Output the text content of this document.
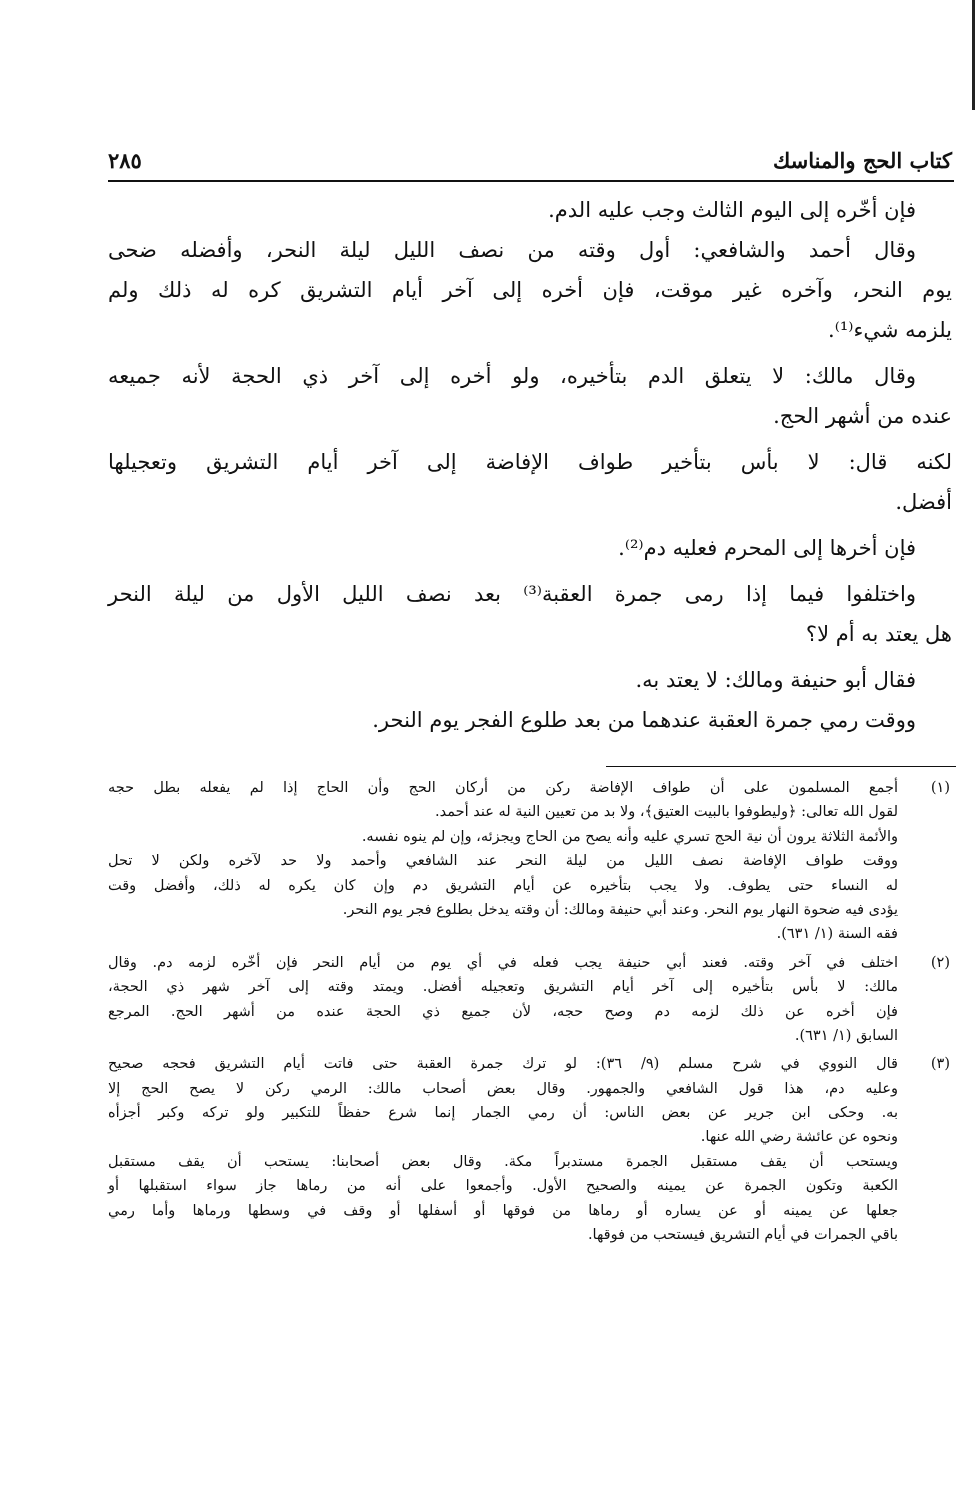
كتاب الحج والمناسك
٢٨٥
فإن أخّره إلى اليوم الثالث وجب عليه الدم.
وقال أحمد والشافعي: أول وقته من نصف الليل ليلة النحر، وأفضله ضحى
يوم النحر، وآخره غير موقت، فإن أخره إلى آخر أيام التشريق كره له ذلك ولم
يلزمه شيء⁽¹⁾.
وقال مالك: لا يتعلق الدم بتأخيره، ولو أخره إلى آخر ذي الحجة لأنه جميعه
عنده من أشهر الحج.
لكنه قال: لا بأس بتأخير طواف الإفاضة إلى آخر أيام التشريق وتعجيلها
أفضل.
فإن أخرها إلى المحرم فعليه دم⁽²⁾.
واختلفوا فيما إذا رمى جمرة العقبة⁽³⁾ بعد نصف الليل الأول من ليلة النحر
هل يعتد به أم لا؟
فقال أبو حنيفة ومالك: لا يعتد به.
ووقت رمي جمرة العقبة عندهما من بعد طلوع الفجر يوم النحر.
(١)
أجمع المسلمون على أن طواف الإفاضة ركن من أركان الحج وأن الحاج إذا لم يفعله بطل حجه
لقول الله تعالى: ﴿وليطوفوا بالبيت العتيق﴾، ولا بد من تعيين النية له عند أحمد.
والأئمة الثلاثة يرون أن نية الحج تسري عليه وأنه يصح من الحاج ويجزئه، وإن لم ينوه نفسه.
ووقت طواف الإفاضة نصف الليل من ليلة النحر عند الشافعي وأحمد ولا حد لآخره ولكن لا تحل
له النساء حتى يطوف. ولا يجب بتأخيره عن أيام التشريق دم وإن كان يكره له ذلك، وأفضل وقت
يؤدى فيه ضحوة النهار يوم النحر. وعند أبي حنيفة ومالك: أن وقته يدخل بطلوع فجر يوم النحر.
فقه السنة (١/ ٦٣١).
(٢)
اختلف في آخر وقته. فعند أبي حنيفة يجب فعله في أي يوم من أيام النحر فإن أخّره لزمه دم. وقال
مالك: لا بأس بتأخيره إلى آخر أيام التشريق وتعجيله أفضل. ويمتد وقته إلى آخر شهر ذي الحجة،
فإن أخره عن ذلك لزمه دم وصح حجه، لأن جميع ذي الحجة عنده من أشهر الحج. المرجع
السابق (١/ ٦٣١).
(٣)
قال النووي في شرح مسلم (٩/ ٣٦): لو ترك جمرة العقبة حتى فاتت أيام التشريق فحجه صحيح
وعليه دم، هذا قول الشافعي والجمهور. وقال بعض أصحاب مالك: الرمي ركن لا يصح الحج إلا
به. وحكى ابن جرير عن بعض الناس: أن رمي الجمار إنما شرع حفظاً للتكبير ولو تركه وكبر أجزأه
ونحوه عن عائشة رضي الله عنها.
ويستحب أن يقف مستقبل الجمرة مستدبراً مكة. وقال بعض أصحابنا: يستحب أن يقف مستقبل
الكعبة وتكون الجمرة عن يمينه والصحيح الأول. وأجمعوا على أنه من رماها جاز سواء استقبلها أو
جعلها عن يمينه أو عن يساره أو رماها من فوقها أو أسفلها أو وقف في وسطها ورماها وأما رمي
باقي الجمرات في أيام التشريق فيستحب من فوقها.
